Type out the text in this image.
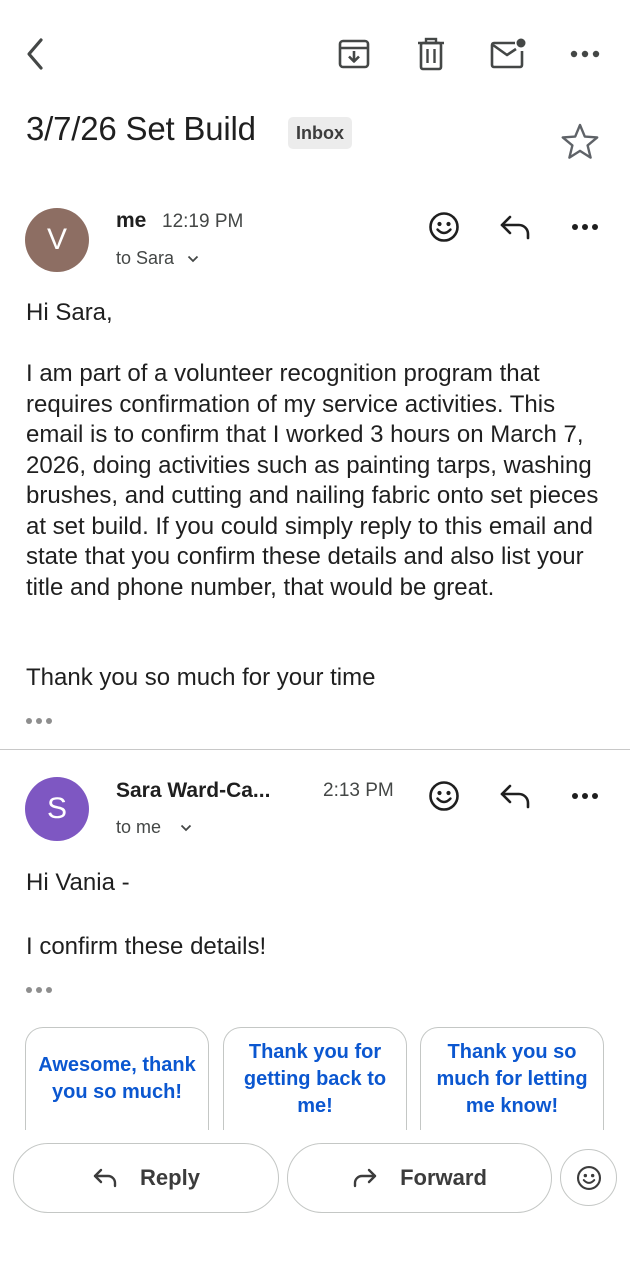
3/7/26 Set Build	Inbox
V
me 12:19 PM
to Sara
Hi Sara,
I am part of a volunteer recognition program that requires confirmation of my service activities. This email is to confirm that I worked 3 hours on March 7, 2026, doing activities such as painting tarps, washing brushes, and cutting and nailing fabric onto set pieces at set build. If you could simply reply to this email and state that you confirm these details and also list your title and phone number, that would be great.
Thank you so much for your time
S
Sara Ward-Ca...	2:13 PM
to me
Hi Vania -
I confirm these details!
Awesome, thank you so much!
Thank you for getting back to me!
Thank you so much for letting me know!
Reply	Forward
